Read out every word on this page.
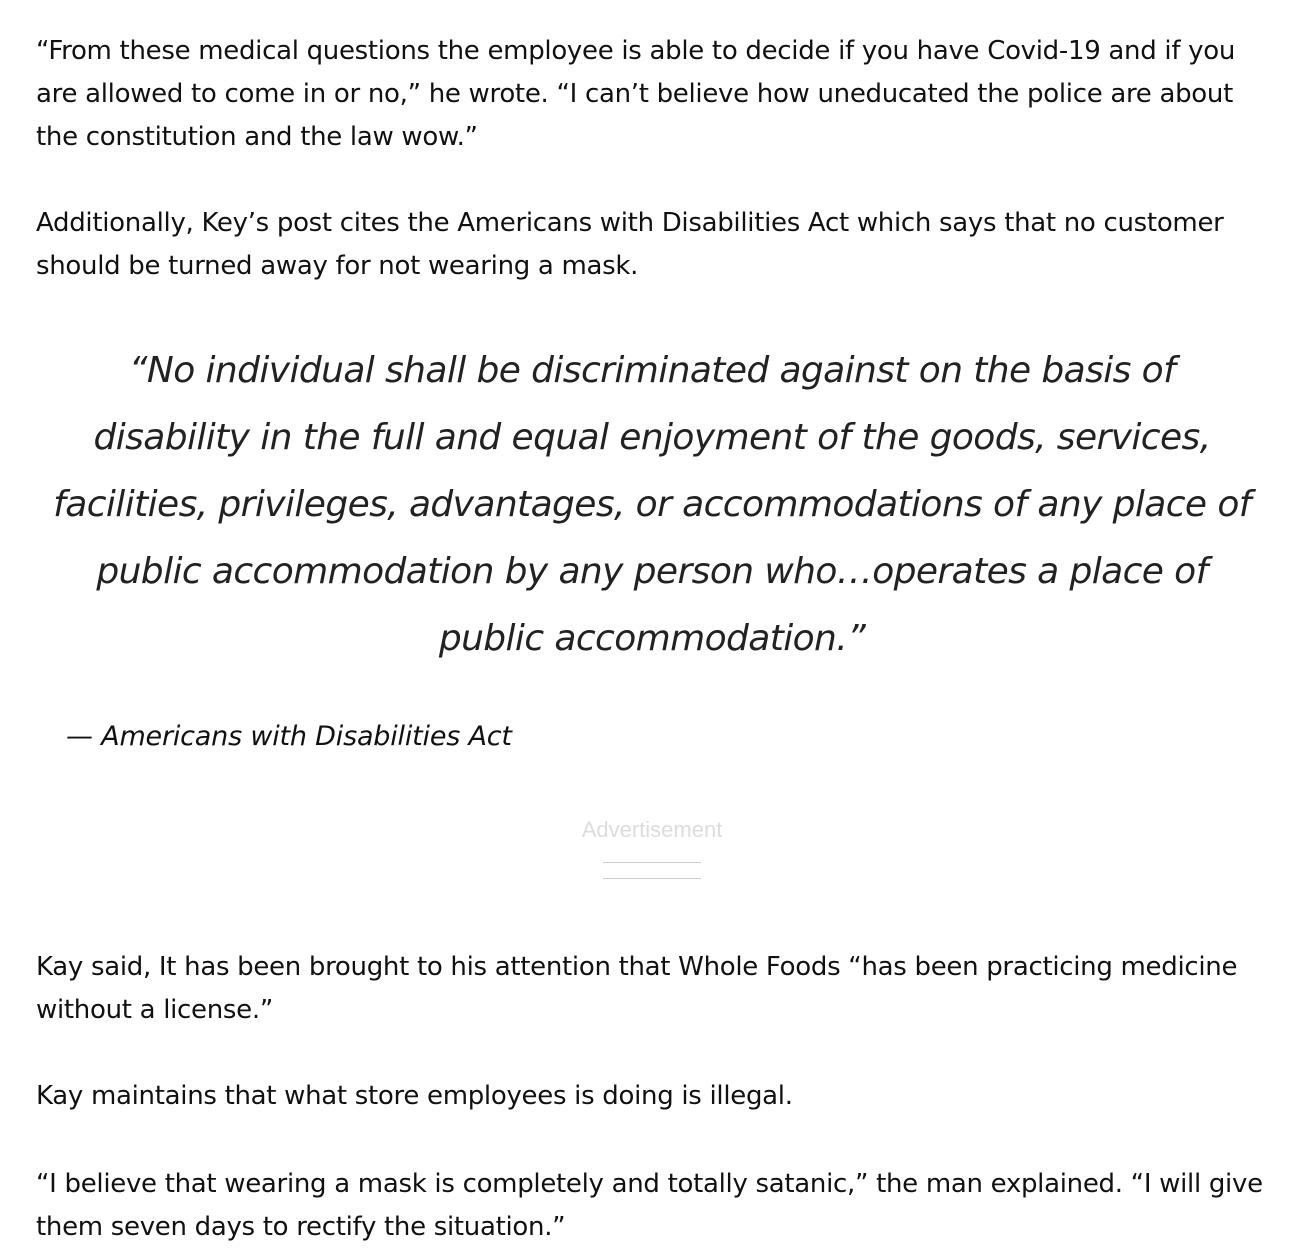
“From these medical questions the employee is able to decide if you have Covid-19 and if you are allowed to come in or no,” he wrote. “I can’t believe how uneducated the police are about the constitution and the law wow.”

Additionally, Key’s post cites the Americans with Disabilities Act which says that no customer should be turned away for not wearing a mask.

“No individual shall be discriminated against on the basis of disability in the full and equal enjoyment of the goods, services, facilities, privileges, advantages, or accommodations of any place of public accommodation by any person who…operates a place of public accommodation.”

— Americans with Disabilities Act

Advertisement

Kay said, It has been brought to his attention that Whole Foods “has been practicing medicine without a license.”

Kay maintains that what store employees is doing is illegal.

“I believe that wearing a mask is completely and totally satanic,” the man explained. “I will give them seven days to rectify the situation.”
